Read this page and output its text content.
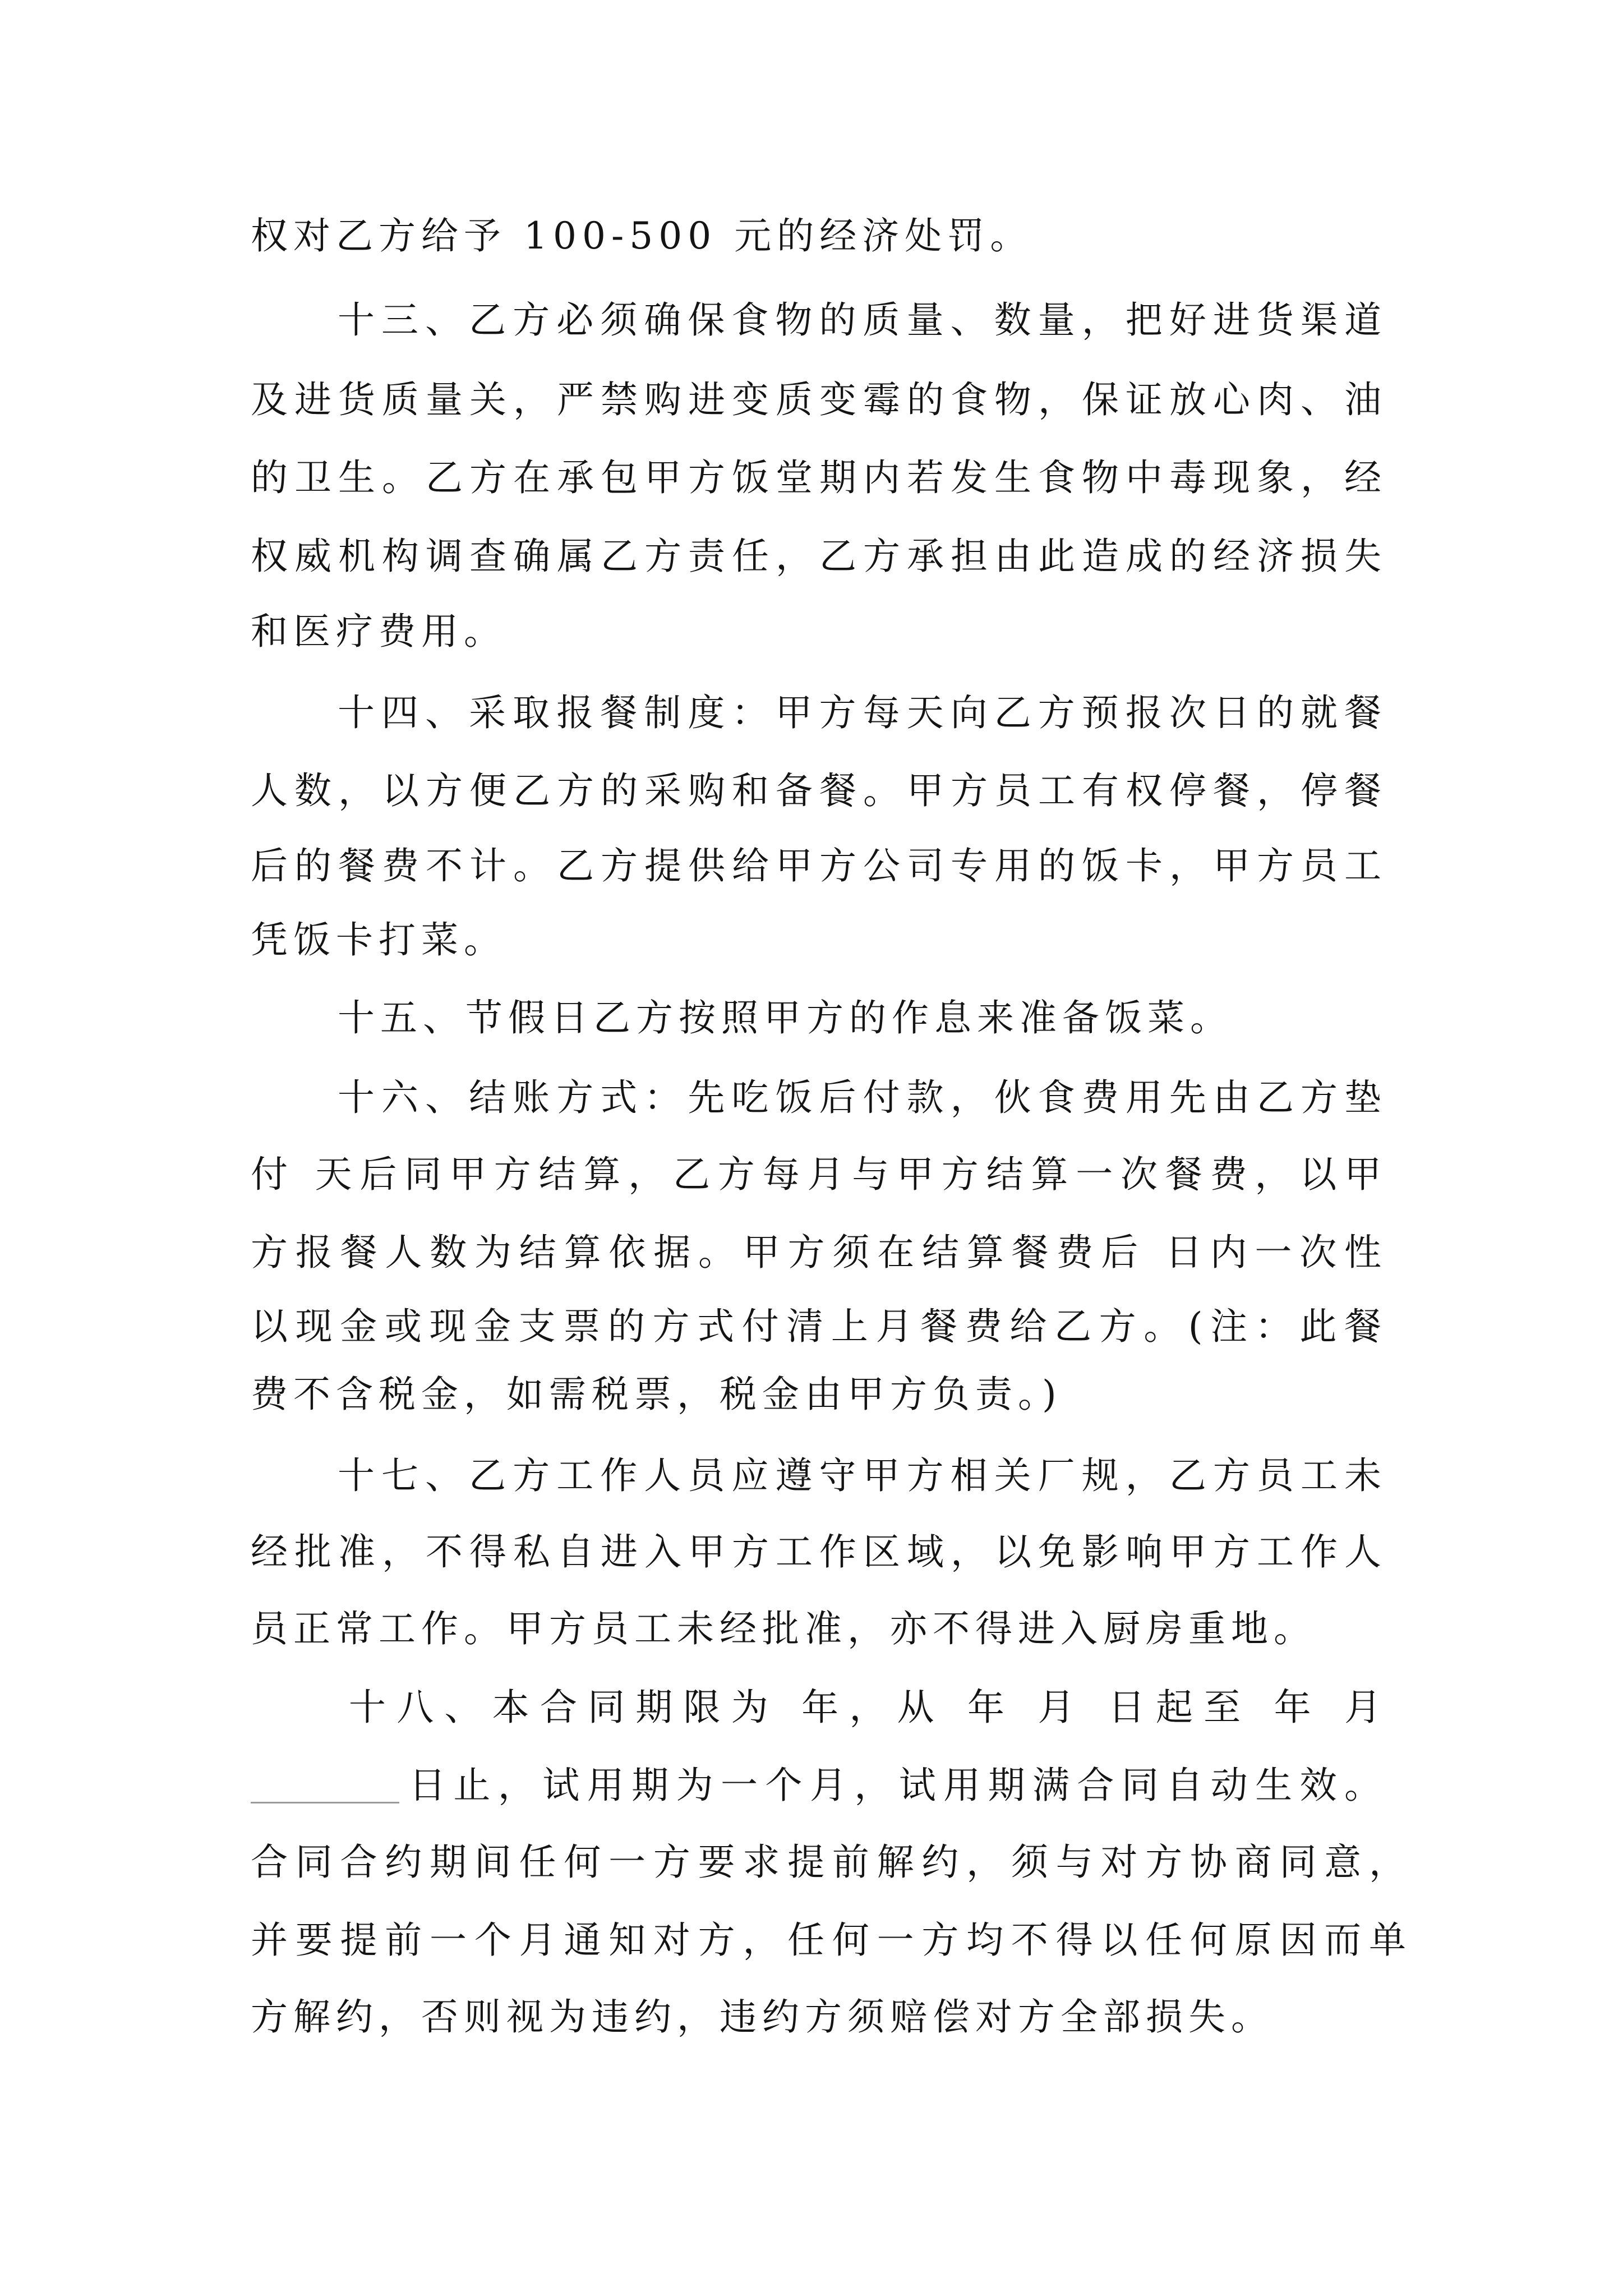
权对乙方给予 100-500 元的经济处罚。
十三、乙方必须确保食物的质量、数量，把好进货渠道
及进货质量关，严禁购进变质变霉的食物，保证放心肉、油
的卫生。乙方在承包甲方饭堂期内若发生食物中毒现象，经
权威机构调查确属乙方责任，乙方承担由此造成的经济损失
和医疗费用。
十四、采取报餐制度：甲方每天向乙方预报次日的就餐
人数，以方便乙方的采购和备餐。甲方员工有权停餐，停餐
后的餐费不计。乙方提供给甲方公司专用的饭卡，甲方员工
凭饭卡打菜。
十五、节假日乙方按照甲方的作息来准备饭菜。
十六、结账方式：先吃饭后付款，伙食费用先由乙方垫
付 天后同甲方结算，乙方每月与甲方结算一次餐费，以甲
方报餐人数为结算依据。甲方须在结算餐费后 日内一次性
以现金或现金支票的方式付清上月餐费给乙方。(注：此餐
费不含税金，如需税票，税金由甲方负责。)
十七、乙方工作人员应遵守甲方相关厂规，乙方员工未
经批准，不得私自进入甲方工作区域，以免影响甲方工作人
员正常工作。甲方员工未经批准，亦不得进入厨房重地。
十八、本合同期限为 年，从 年 月 日起至 年 月
日止，试用期为一个月，试用期满合同自动生效。
合同合约期间任何一方要求提前解约，须与对方协商同意，
并要提前一个月通知对方，任何一方均不得以任何原因而单
方解约，否则视为违约，违约方须赔偿对方全部损失。
